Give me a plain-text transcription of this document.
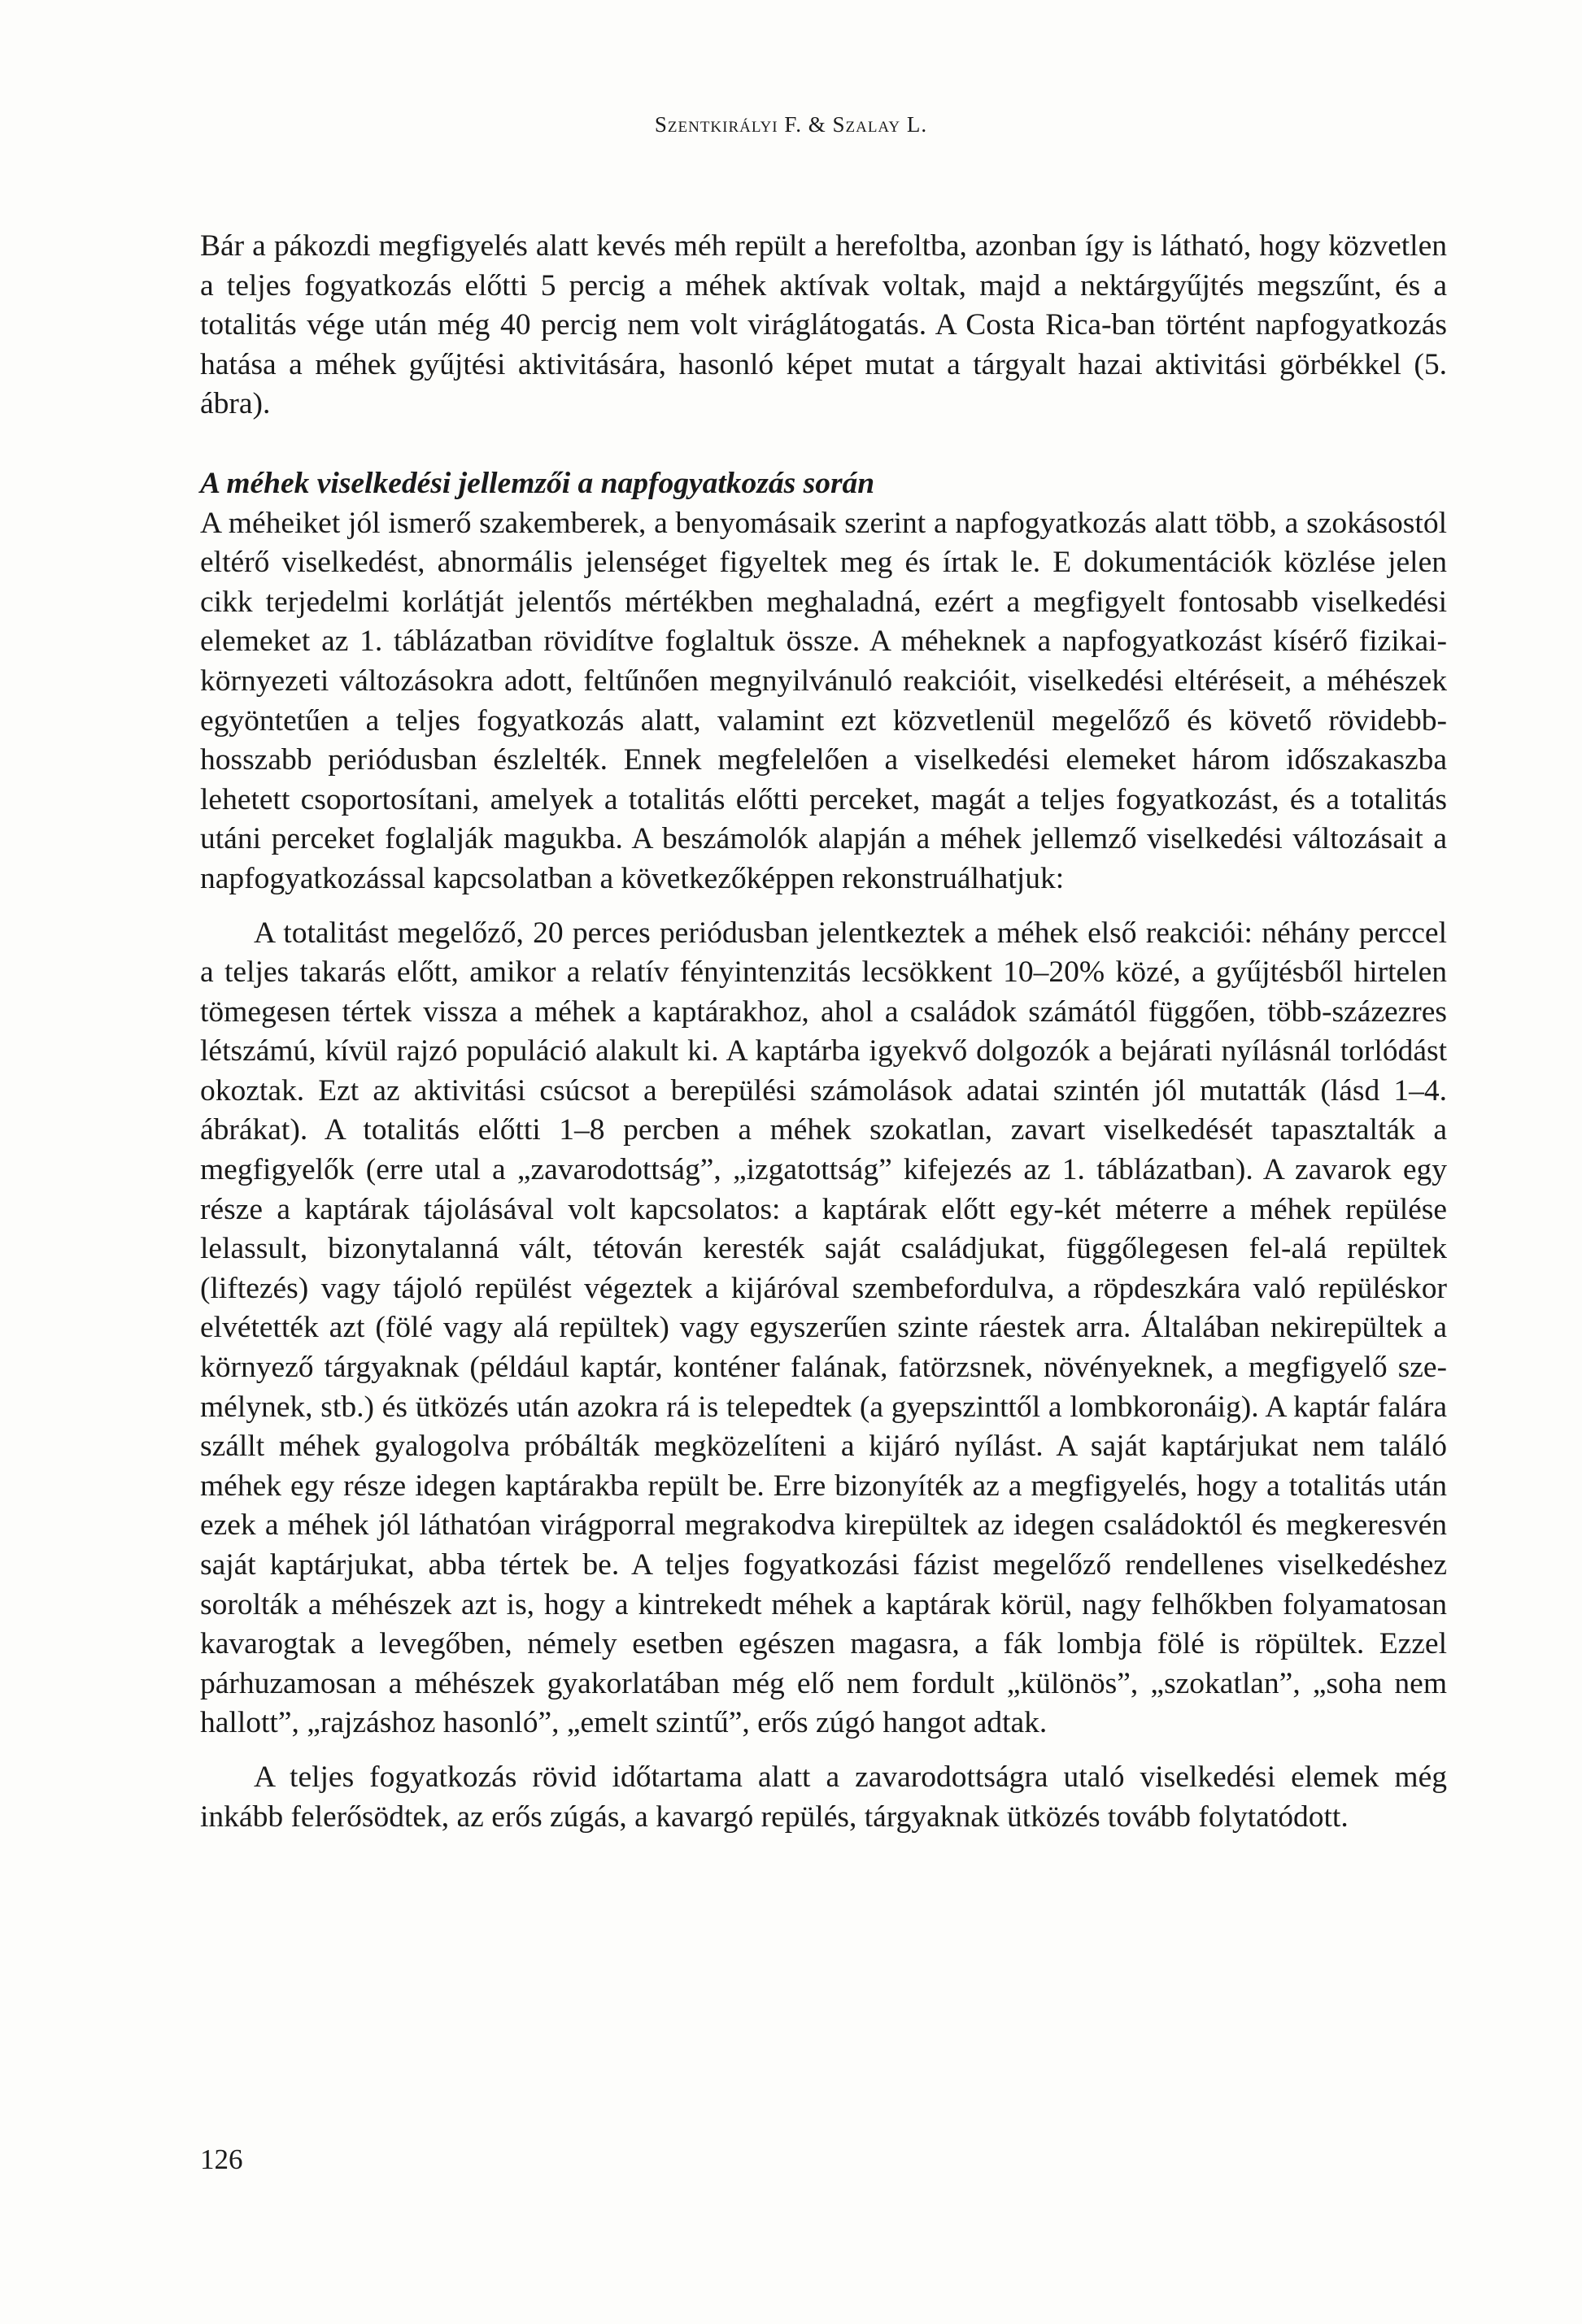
Szentkirályi F. & Szalay L.

Bár a pákozdi megfigyelés alatt kevés méh repült a herefoltba, azonban így is látható, hogy közvetlen a teljes fogyatkozás előtti 5 percig a méhek aktívak voltak, majd a nektárgyűjtés megszűnt, és a totalitás vége után még 40 percig nem volt viráglátogatás. A Costa Rica-ban történt napfogyatkozás hatása a méhek gyűjtési aktivitására, hasonló képet mutat a tárgyalt hazai aktivitási görbékkel (5. ábra).

A méhek viselkedési jellemzői a napfogyatkozás során

A méheiket jól ismerő szakemberek, a benyomásaik szerint a napfogyatkozás alatt több, a szokásostól eltérő viselkedést, abnormális jelenséget figyeltek meg és írtak le. E dokumentációk közlése jelen cikk terjedelmi korlátját jelentős mértékben meghaladná, ezért a megfigyelt fontosabb viselkedési elemeket az 1. táblázatban rövidítve foglaltuk össze. A méheknek a napfogyatkozást kísérő fizikai-környezeti változásokra adott, feltűnően megnyilvánuló reakcióit, viselkedési eltéréseit, a méhészek egyöntetűen a teljes fogyatkozás alatt, valamint ezt közvetlenül megelőző és követő rövidebb-hosszabb periódusban észlelték. Ennek megfelelően a viselkedési elemeket három időszakaszba lehetett csoportosítani, amelyek a totalitás előtti perceket, magát a teljes fogyatkozást, és a totalitás utáni perceket foglalják magukba. A beszámolók alapján a méhek jellemző viselkedési változásait a napfogyatkozással kapcsolatban a következőképpen rekonstruálhatjuk:

A totalitást megelőző, 20 perces periódusban jelentkeztek a méhek első reakciói: néhány perccel a teljes takarás előtt, amikor a relatív fényintenzitás lecsökkent 10–20% közé, a gyűjtésből hirtelen tömegesen tértek vissza a méhek a kaptárakhoz, ahol a családok számától függően, több-százezres létszámú, kívül rajzó populáció alakult ki. A kaptárba igyekvő dolgozók a bejárati nyílásnál torlódást okoztak. Ezt az aktivitási csúcsot a berepülési számolások adatai szintén jól mutatták (lásd 1–4. ábrákat). A totalitás előtti 1–8 percben a méhek szokatlan, zavart viselkedését tapasztalták a megfigyelők (erre utal a „zavarodottság”, „izgatottság” kifejezés az 1. táblázatban). A zavarok egy része a kaptárak tájolásával volt kapcsolatos: a kaptárak előtt egy-két méterre a méhek repülése lelassult, bizonytalanná vált, tétován keresték saját családjukat, függőlegesen fel-alá repültek (liftezés) vagy tájoló repülést végeztek a kijáróval szembefordulva, a röpdeszkára való repüléskor elvétették azt (fölé vagy alá repültek) vagy egyszerűen szinte ráestek arra. Általában nekirepültek a környező tárgyaknak (például kaptár, konténer falának, fatörzsnek, növényeknek, a megfigyelő személynek, stb.) és ütközés után azokra rá is telepedtek (a gyepszinttől a lombkoronáig). A kaptár falára szállt méhek gyalogolva próbálták megközelíteni a kijáró nyílást. A saját kaptárjukat nem találó méhek egy része idegen kaptárakba repült be. Erre bizonyíték az a megfigyelés, hogy a totalitás után ezek a méhek jól láthatóan virágporral megrakodva kirepültek az idegen családoktól és megkeresvén saját kaptárjukat, abba tértek be. A teljes fogyatkozási fázist megelőző rendellenes viselkedéshez sorolták a méhészek azt is, hogy a kintrekedt méhek a kaptárak körül, nagy felhőkben folyamatosan kavarogtak a levegőben, némely esetben egészen magasra, a fák lombja fölé is röpültek. Ezzel párhuzamosan a méhészek gyakorlatában még elő nem fordult „különös”, „szokatlan”, „soha nem hallott”, „rajzáshoz hasonló”, „emelt szintű”, erős zúgó hangot adtak.

A teljes fogyatkozás rövid időtartama alatt a zavarodottságra utaló viselkedési elemek még inkább felerősödtek, az erős zúgás, a kavargó repülés, tárgyaknak ütközés tovább folytatódott.

126
